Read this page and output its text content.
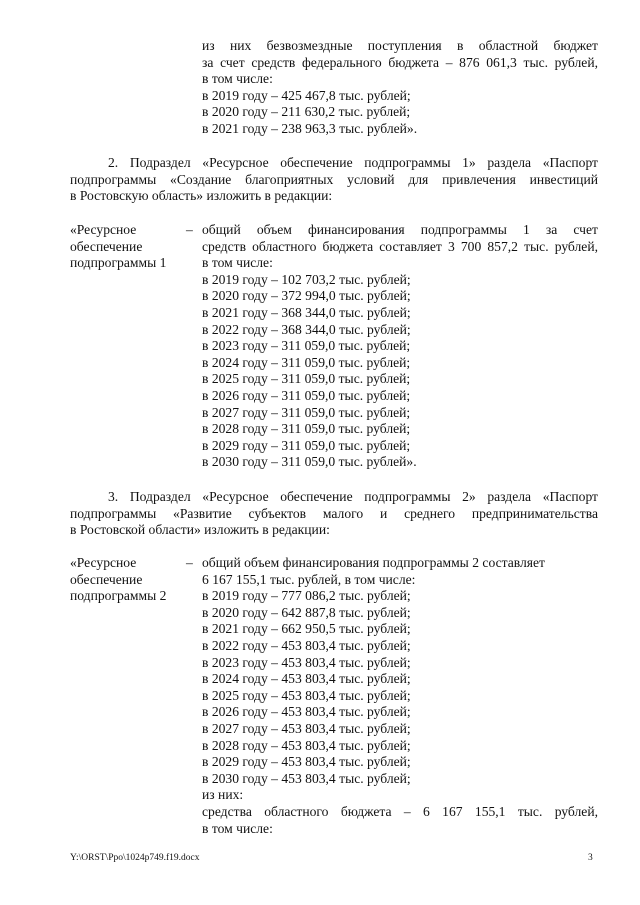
из них безвозмездные поступления в областной бюджет
за счет средств федерального бюджета – 876 061,3 тыс. рублей,
в том числе:
в 2019 году – 425 467,8 тыс. рублей;
в 2020 году – 211 630,2 тыс. рублей;
в 2021 году – 238 963,3 тыс. рублей».
2. Подраздел «Ресурсное обеспечение подпрограммы 1» раздела «Паспорт
подпрограммы «Создание благоприятных условий для привлечения инвестиций
в Ростовскую область» изложить в редакции:
«Ресурсное
обеспечение
подпрограммы 1
– общий объем финансирования подпрограммы 1 за счет
средств областного бюджета составляет 3 700 857,2 тыс. рублей,
в том числе:
в 2019 году – 102 703,2 тыс. рублей;
в 2020 году – 372 994,0 тыс. рублей;
в 2021 году – 368 344,0 тыс. рублей;
в 2022 году – 368 344,0 тыс. рублей;
в 2023 году – 311 059,0 тыс. рублей;
в 2024 году – 311 059,0 тыс. рублей;
в 2025 году – 311 059,0 тыс. рублей;
в 2026 году – 311 059,0 тыс. рублей;
в 2027 году – 311 059,0 тыс. рублей;
в 2028 году – 311 059,0 тыс. рублей;
в 2029 году – 311 059,0 тыс. рублей;
в 2030 году – 311 059,0 тыс. рублей».
3. Подраздел «Ресурсное обеспечение подпрограммы 2» раздела «Паспорт
подпрограммы «Развитие субъектов малого и среднего предпринимательства
в Ростовской области» изложить в редакции:
«Ресурсное
обеспечение
подпрограммы 2
– общий объем финансирования подпрограммы 2 составляет
6 167 155,1 тыс. рублей, в том числе:
в 2019 году – 777 086,2 тыс. рублей;
в 2020 году – 642 887,8 тыс. рублей;
в 2021 году – 662 950,5 тыс. рублей;
в 2022 году – 453 803,4 тыс. рублей;
в 2023 году – 453 803,4 тыс. рублей;
в 2024 году – 453 803,4 тыс. рублей;
в 2025 году – 453 803,4 тыс. рублей;
в 2026 году – 453 803,4 тыс. рублей;
в 2027 году – 453 803,4 тыс. рублей;
в 2028 году – 453 803,4 тыс. рублей;
в 2029 году – 453 803,4 тыс. рублей;
в 2030 году – 453 803,4 тыс. рублей;
из них:
средства областного бюджета – 6 167 155,1 тыс. рублей,
в том числе:
Y:\ORST\Ppo\1024p749.f19.docx	3
